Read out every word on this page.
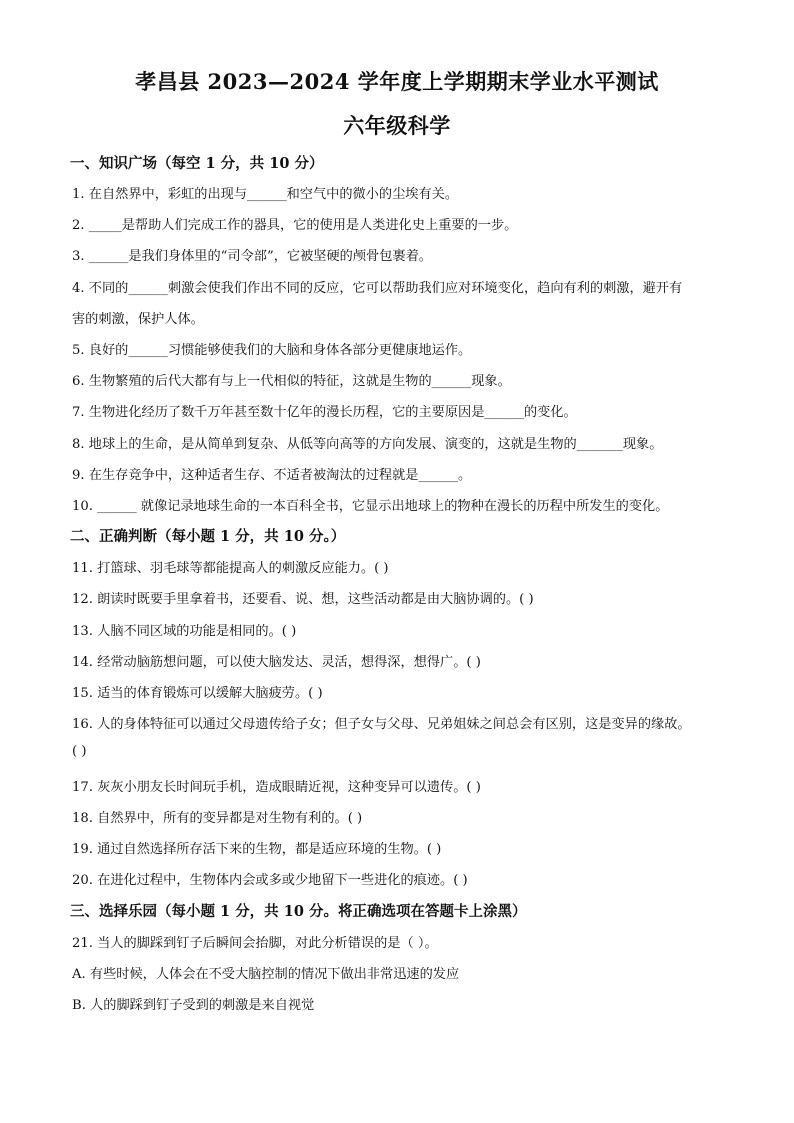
孝昌县 2023—2024 学年度上学期期末学业水平测试
六年级科学
一、知识广场（每空 1 分，共 10 分）
1. 在自然界中，彩虹的出现与______和空气中的微小的尘埃有关。
2. _____是帮助人们完成工作的器具，它的使用是人类进化史上重要的一步。
3. ______是我们身体里的“司令部”，它被坚硬的颅骨包裹着。
4. 不同的______刺激会使我们作出不同的反应，它可以帮助我们应对环境变化，趋向有利的刺激，避开有
害的刺激，保护人体。
5. 良好的______习惯能够使我们的大脑和身体各部分更健康地运作。
6. 生物繁殖的后代大都有与上一代相似的特征，这就是生物的______现象。
7. 生物进化经历了数千万年甚至数十亿年的漫长历程，它的主要原因是______的变化。
8. 地球上的生命，是从简单到复杂、从低等向高等的方向发展、演变的，这就是生物的_______现象。
9. 在生存竞争中，这种适者生存、不适者被淘汰的过程就是______。
10. ______ 就像记录地球生命的一本百科全书，它显示出地球上的物种在漫长的历程中所发生的变化。
二、正确判断（每小题 1 分，共 10 分。）
11. 打篮球、羽毛球等都能提高人的刺激反应能力。( )
12. 朗读时既要手里拿着书，还要看、说、想，这些活动都是由大脑协调的。( )
13. 人脑不同区域的功能是相同的。( )
14. 经常动脑筋想问题，可以使大脑发达、灵活，想得深，想得广。( )
15. 适当的体育锻炼可以缓解大脑疲劳。( )
16. 人的身体特征可以通过父母遗传给子女；但子女与父母、兄弟姐妹之间总会有区别，这是变异的缘故。
( )
17. 灰灰小朋友长时间玩手机，造成眼睛近视，这种变异可以遗传。( )
18. 自然界中，所有的变异都是对生物有利的。( )
19. 通过自然选择所存活下来的生物，都是适应环境的生物。( )
20. 在进化过程中，生物体内会或多或少地留下一些进化的痕迹。( )
三、选择乐园（每小题 1 分，共 10 分。将正确选项在答题卡上涂黑）
21. 当人的脚踩到钉子后瞬间会抬脚，对此分析错误的是（ ）。
A. 有些时候，人体会在不受大脑控制的情况下做出非常迅速的发应
B. 人的脚踩到钉子受到的刺激是来自视觉
